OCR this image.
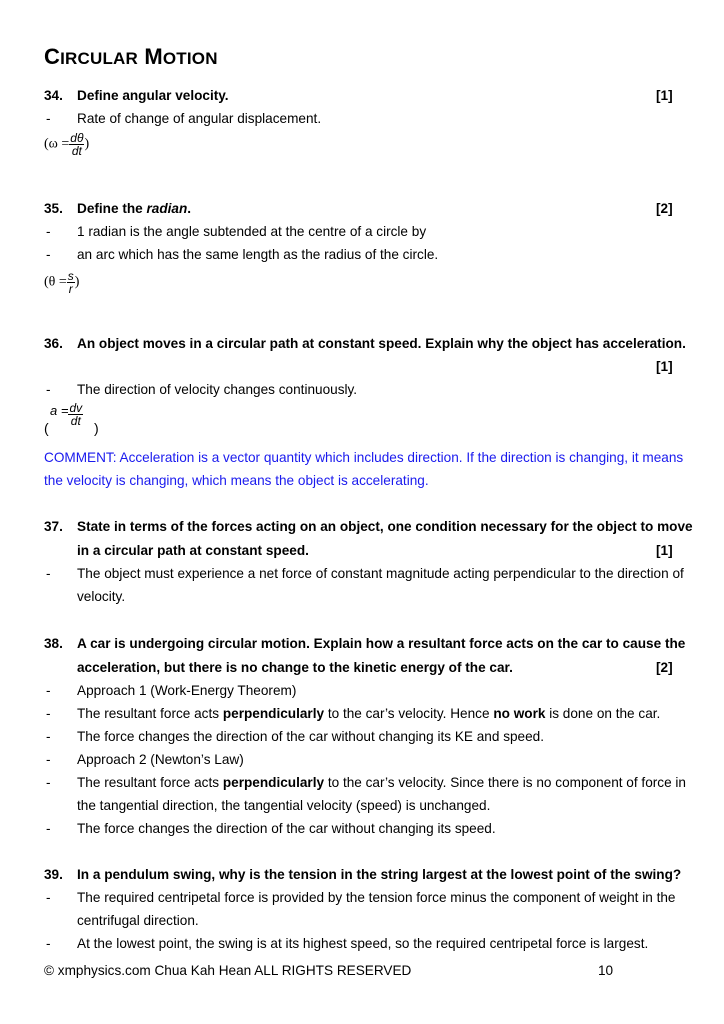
CIRCULAR MOTION
34. Define angular velocity.	[1]
- Rate of change of angular displacement.
($\omega = \frac{d\theta}{dt}$ )
35. Define the radian.	[2]
- 1 radian is the angle subtended at the centre of a circle by
- an arc which has the same length as the radius of the circle.
($\theta = \frac{s}{r}$ )
36. An object moves in a circular path at constant speed. Explain why the object has acceleration.
[1]
- The direction of velocity changes continuously.
(
$a = \frac{dv}{dt}$
)
COMMENT: Acceleration is a vector quantity which includes direction. If the direction is changing, it means
the velocity is changing, which means the object is accelerating.
37. State in terms of the forces acting on an object, one condition necessary for the object to move
in a circular path at constant speed.	[1]
- The object must experience a net force of constant magnitude acting perpendicular to the direction of
velocity.
38. A car is undergoing circular motion. Explain how a resultant force acts on the car to cause the
acceleration, but there is no change to the kinetic energy of the car.	[2]
- Approach 1 (Work-Energy Theorem)
- The resultant force acts perpendicularly to the car’s velocity. Hence no work is done on the car.
- The force changes the direction of the car without changing its KE and speed.
- Approach 2 (Newton’s Law)
- The resultant force acts perpendicularly to the car’s velocity. Since there is no component of force in
the tangential direction, the tangential velocity (speed) is unchanged.
- The force changes the direction of the car without changing its speed.
39. In a pendulum swing, why is the tension in the string largest at the lowest point of the swing?
- The required centripetal force is provided by the tension force minus the component of weight in the
centrifugal direction.
- At the lowest point, the swing is at its highest speed, so the required centripetal force is largest.
© xmphysics.com Chua Kah Hean ALL RIGHTS RESERVED	10
